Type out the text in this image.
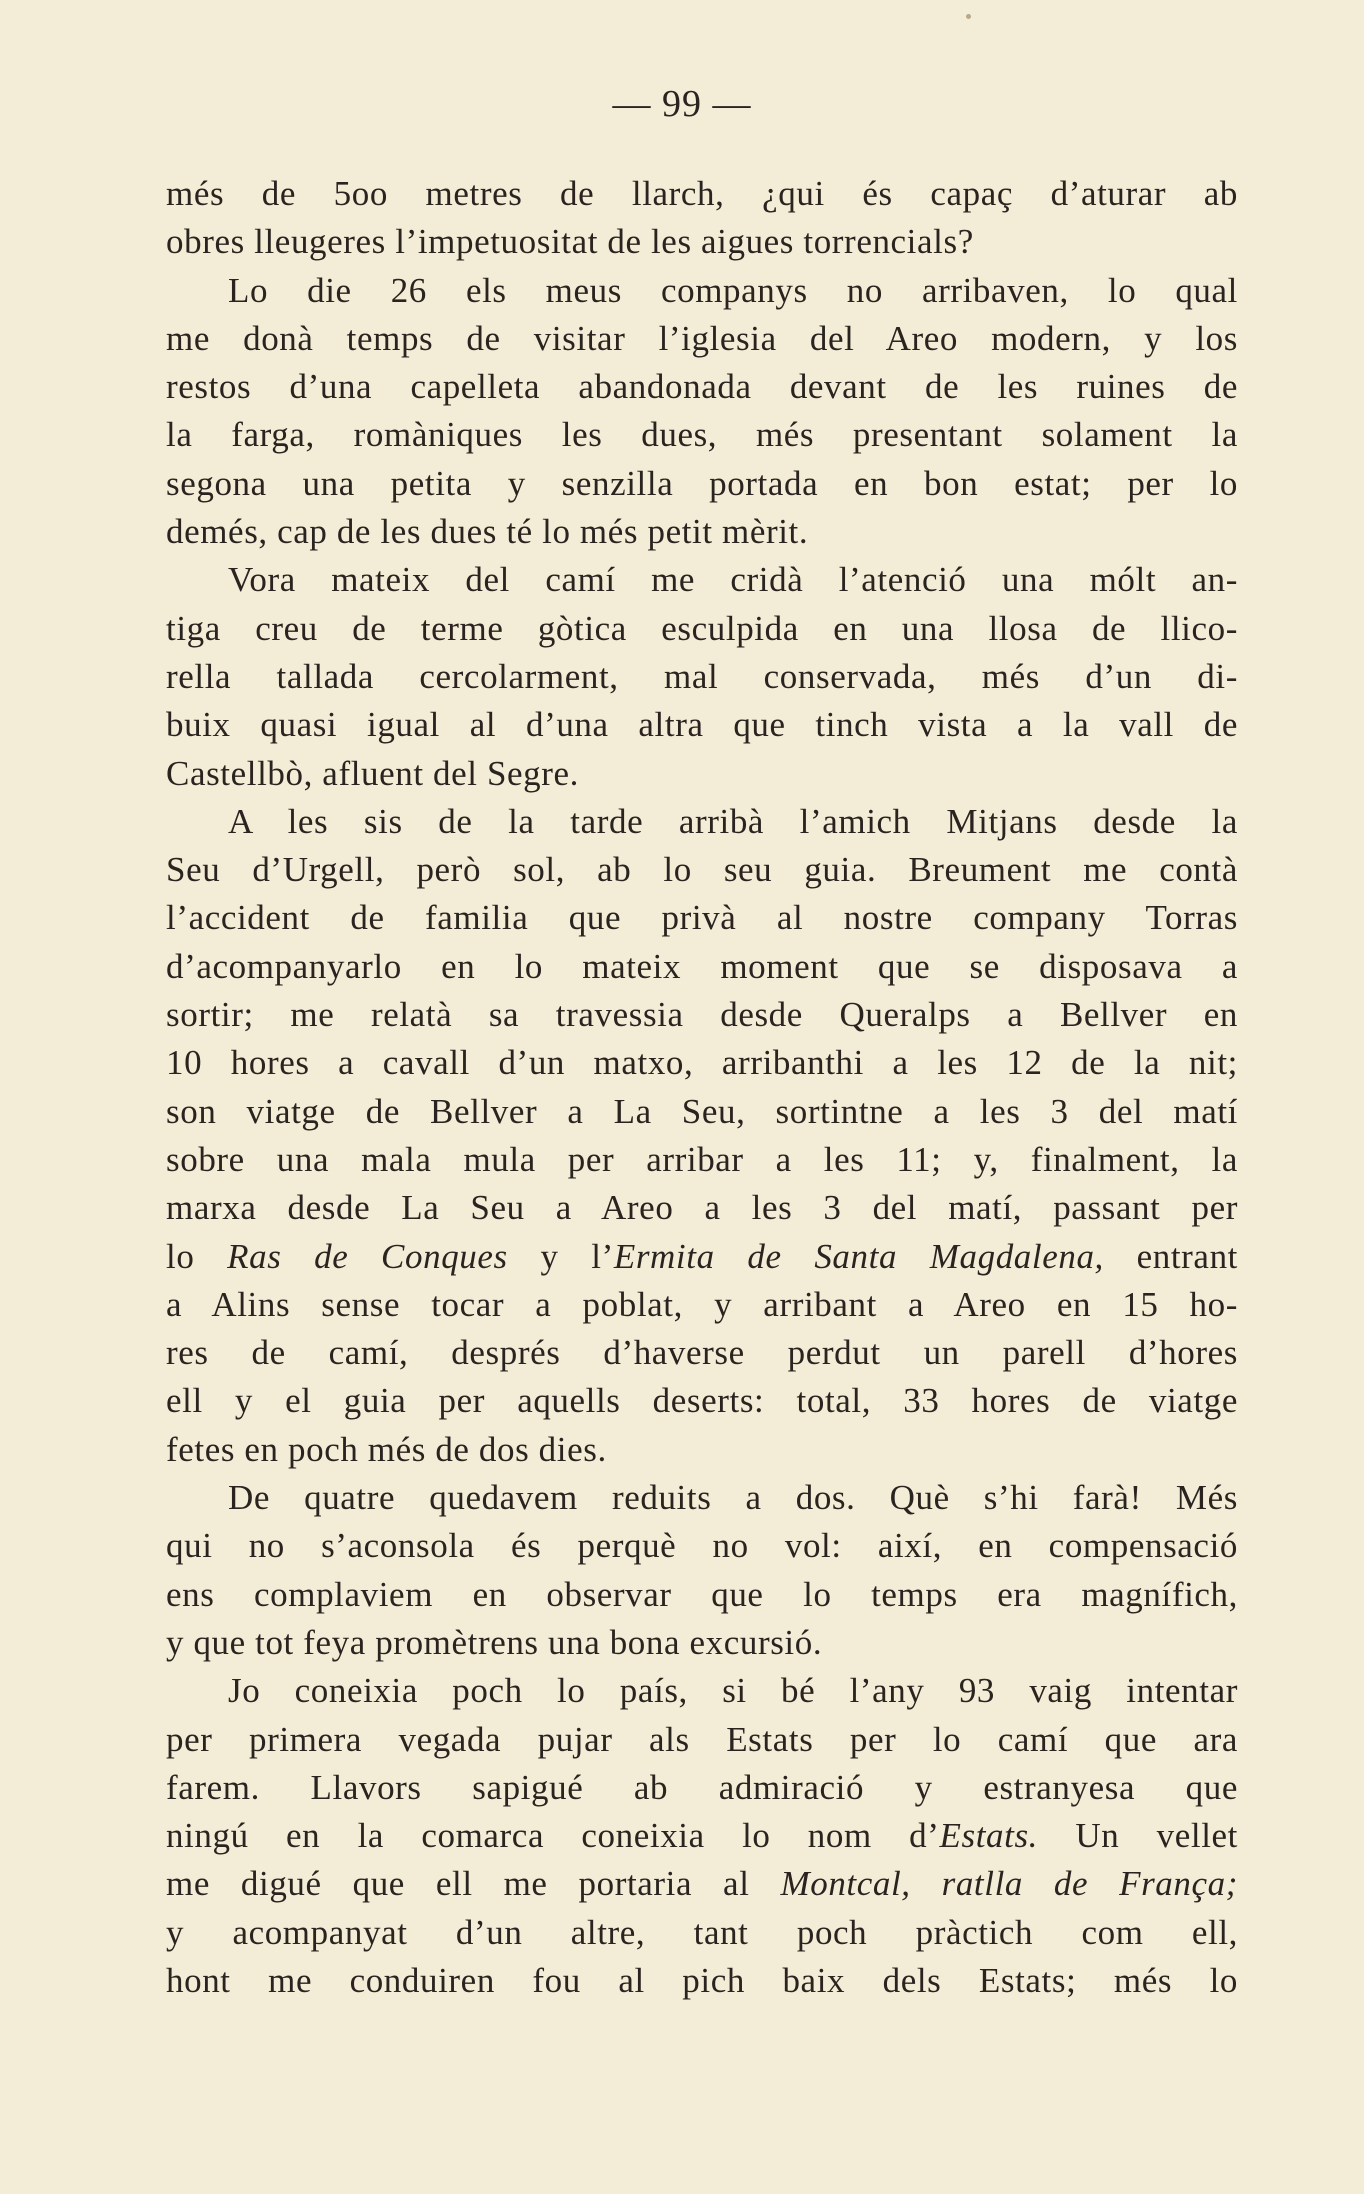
— 99 —
més de 5oo metres de llarch, ¿qui és capaç d’aturar ab
obres lleugeres l’impetuositat de les aigues torrencials?
Lo die 26 els meus companys no arribaven, lo qual
me donà temps de visitar l’iglesia del Areo modern, y los
restos d’una capelleta abandonada devant de les ruines de
la farga, romàniques les dues, més presentant solament la
segona una petita y senzilla portada en bon estat; per lo
demés, cap de les dues té lo més petit mèrit.
Vora mateix del camí me cridà l’atenció una mólt an-
tiga creu de terme gòtica esculpida en una llosa de llico-
rella tallada cercolarment, mal conservada, més d’un di-
buix quasi igual al d’una altra que tinch vista a la vall de
Castellbò, afluent del Segre.
A les sis de la tarde arribà l’amich Mitjans desde la
Seu d’Urgell, però sol, ab lo seu guia. Breument me contà
l’accident de familia que privà al nostre company Torras
d’acompanyarlo en lo mateix moment que se disposava a
sortir; me relatà sa travessia desde Queralps a Bellver en
10 hores a cavall d’un matxo, arribanthi a les 12 de la nit;
son viatge de Bellver a La Seu, sortintne a les 3 del matí
sobre una mala mula per arribar a les 11; y, finalment, la
marxa desde La Seu a Areo a les 3 del matí, passant per
lo Ras de Conques y l’Ermita de Santa Magdalena, entrant
a Alins sense tocar a poblat, y arribant a Areo en 15 ho-
res de camí, després d’haverse perdut un parell d’hores
ell y el guia per aquells deserts: total, 33 hores de viatge
fetes en poch més de dos dies.
De quatre quedavem reduits a dos. Què s’hi farà! Més
qui no s’aconsola és perquè no vol: així, en compensació
ens complaviem en observar que lo temps era magnífich,
y que tot feya promètrens una bona excursió.
Jo coneixia poch lo país, si bé l’any 93 vaig intentar
per primera vegada pujar als Estats per lo camí que ara
farem. Llavors sapigué ab admiració y estranyesa que
ningú en la comarca coneixia lo nom d’Estats. Un vellet
me digué que ell me portaria al Montcal, ratlla de França;
y acompanyat d’un altre, tant poch pràctich com ell,
hont me conduiren fou al pich baix dels Estats; més lo
